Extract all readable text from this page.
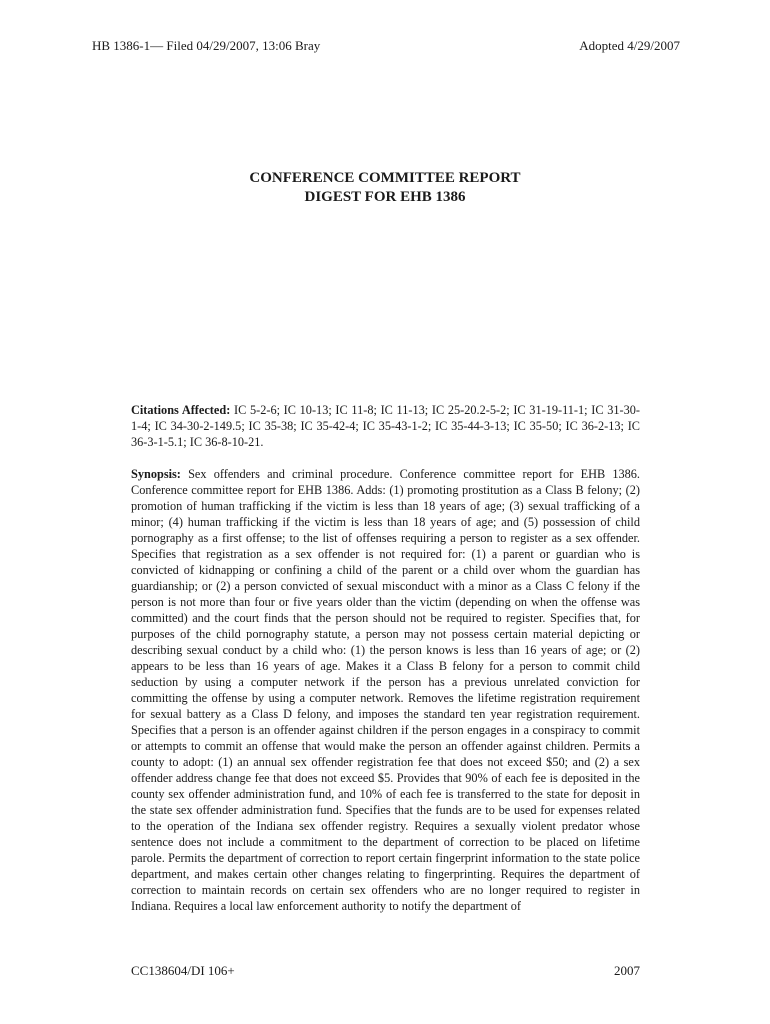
HB 1386-1— Filed 04/29/2007, 13:06 Bray	Adopted 4/29/2007
CONFERENCE COMMITTEE REPORT
DIGEST FOR EHB 1386

Citations Affected: IC 5-2-6; IC 10-13; IC 11-8; IC 11-13; IC 25-20.2-5-2; IC 31-19-11-1; IC 31-30-1-4; IC 34-30-2-149.5; IC 35-38; IC 35-42-4; IC 35-43-1-2; IC 35-44-3-13; IC 35-50; IC 36-2-13; IC 36-3-1-5.1; IC 36-8-10-21.

Synopsis: Sex offenders and criminal procedure. Conference committee report for EHB 1386. Conference committee report for EHB 1386. Adds: (1) promoting prostitution as a Class B felony; (2) promotion of human trafficking if the victim is less than 18 years of age; (3) sexual trafficking of a minor; (4) human trafficking if the victim is less than 18 years of age; and (5) possession of child pornography as a first offense; to the list of offenses requiring a person to register as a sex offender. Specifies that registration as a sex offender is not required for: (1) a parent or guardian who is convicted of kidnapping or confining a child of the parent or a child over whom the guardian has guardianship; or (2) a person convicted of sexual misconduct with a minor as a Class C felony if the person is not more than four or five years older than the victim (depending on when the offense was committed) and the court finds that the person should not be required to register. Specifies that, for purposes of the child pornography statute, a person may not possess certain material depicting or describing sexual conduct by a child who: (1) the person knows is less than 16 years of age; or (2) appears to be less than 16 years of age. Makes it a Class B felony for a person to commit child seduction by using a computer network if the person has a previous unrelated conviction for committing the offense by using a computer network. Removes the lifetime registration requirement for sexual battery as a Class D felony, and imposes the standard ten year registration requirement. Specifies that a person is an offender against children if the person engages in a conspiracy to commit or attempts to commit an offense that would make the person an offender against children. Permits a county to adopt: (1) an annual sex offender registration fee that does not exceed $50; and (2) a sex offender address change fee that does not exceed $5. Provides that 90% of each fee is deposited in the county sex offender administration fund, and 10% of each fee is transferred to the state for deposit in the state sex offender administration fund. Specifies that the funds are to be used for expenses related to the operation of the Indiana sex offender registry. Requires a sexually violent predator whose sentence does not include a commitment to the department of correction to be placed on lifetime parole. Permits the department of correction to report certain fingerprint information to the state police department, and makes certain other changes relating to fingerprinting. Requires the department of correction to maintain records on certain sex offenders who are no longer required to register in Indiana. Requires a local law enforcement authority to notify the department of

CC138604/DI 106+	2007
